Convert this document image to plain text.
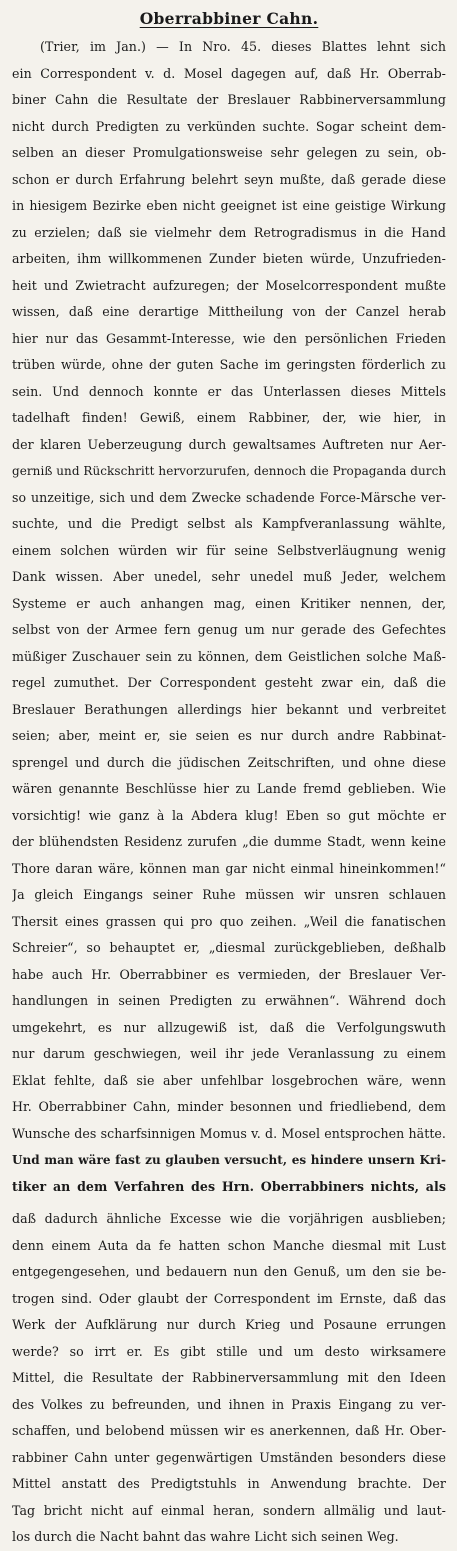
Oberrabbiner Cahn.
(Trier, im Jan.) — In Nro. 45. dieses Blattes lehnt sich
ein Correspondent v. d. Mosel dagegen auf, daß Hr. Oberrab-
biner Cahn die Resultate der Breslauer Rabbinerversammlung
nicht durch Predigten zu verkünden suchte. Sogar scheint dem-
selben an dieser Promulgationsweise sehr gelegen zu sein, ob-
schon er durch Erfahrung belehrt seyn mußte, daß gerade diese
in hiesigem Bezirke eben nicht geeignet ist eine geistige Wirkung
zu erzielen; daß sie vielmehr dem Retrogradismus in die Hand
arbeiten, ihm willkommenen Zunder bieten würde, Unzufrieden-
heit und Zwietracht aufzuregen; der Moselcorrespondent mußte
wissen, daß eine derartige Mittheilung von der Canzel herab
hier nur das Gesammt-Interesse, wie den persönlichen Frieden
trüben würde, ohne der guten Sache im geringsten förderlich zu
sein. Und dennoch konnte er das Unterlassen dieses Mittels
tadelhaft finden! Gewiß, einem Rabbiner, der, wie hier, in
der klaren Ueberzeugung durch gewaltsames Auftreten nur Aer-
gerniß und Rückschritt hervorzurufen, dennoch die Propaganda durch
so unzeitige, sich und dem Zwecke schadende Force-Märsche ver-
suchte, und die Predigt selbst als Kampfveranlassung wählte,
einem solchen würden wir für seine Selbstverläugnung wenig
Dank wissen. Aber unedel, sehr unedel muß Jeder, welchem
Systeme er auch anhangen mag, einen Kritiker nennen, der,
selbst von der Armee fern genug um nur gerade des Gefechtes
müßiger Zuschauer sein zu können, dem Geistlichen solche Maß-
regel zumuthet. Der Correspondent gesteht zwar ein, daß die
Breslauer Berathungen allerdings hier bekannt und verbreitet
seien; aber, meint er, sie seien es nur durch andre Rabbinat-
sprengel und durch die jüdischen Zeitschriften, und ohne diese
wären genannte Beschlüsse hier zu Lande fremd geblieben. Wie
vorsichtig! wie ganz à la Abdera klug! Eben so gut möchte er
der blühendsten Residenz zurufen „die dumme Stadt, wenn keine
Thore daran wäre, können man gar nicht einmal hineinkommen!“
Ja gleich Eingangs seiner Ruhe müssen wir unsren schlauen
Thersit eines grassen qui pro quo zeihen. „Weil die fanatischen
Schreier“, so behauptet er, „diesmal zurückgeblieben, deßhalb
habe auch Hr. Oberrabbiner es vermieden, der Breslauer Ver-
handlungen in seinen Predigten zu erwähnen“. Während doch
umgekehrt, es nur allzugewiß ist, daß die Verfolgungswuth
nur darum geschwiegen, weil ihr jede Veranlassung zu einem
Eklat fehlte, daß sie aber unfehlbar losgebrochen wäre, wenn
Hr. Oberrabbiner Cahn, minder besonnen und friedliebend, dem
Wunsche des scharfsinnigen Momus v. d. Mosel entsprochen hätte.
Und man wäre fast zu glauben versucht, es hindere unsern Kri-
tiker an dem Verfahren des Hrn. Oberrabbiners nichts, als
daß dadurch ähnliche Excesse wie die vorjährigen ausblieben;
denn einem Auta da fe hatten schon Manche diesmal mit Lust
entgegengesehen, und bedauern nun den Genuß, um den sie be-
trogen sind. Oder glaubt der Correspondent im Ernste, daß das
Werk der Aufklärung nur durch Krieg und Posaune errungen
werde? so irrt er. Es gibt stille und um desto wirksamere
Mittel, die Resultate der Rabbinerversammlung mit den Ideen
des Volkes zu befreunden, und ihnen in Praxis Eingang zu ver-
schaffen, und belobend müssen wir es anerkennen, daß Hr. Ober-
rabbiner Cahn unter gegenwärtigen Umständen besonders diese
Mittel anstatt des Predigtstuhls in Anwendung brachte. Der
Tag bricht nicht auf einmal heran, sondern allmälig und laut-
los durch die Nacht bahnt das wahre Licht sich seinen Weg.
